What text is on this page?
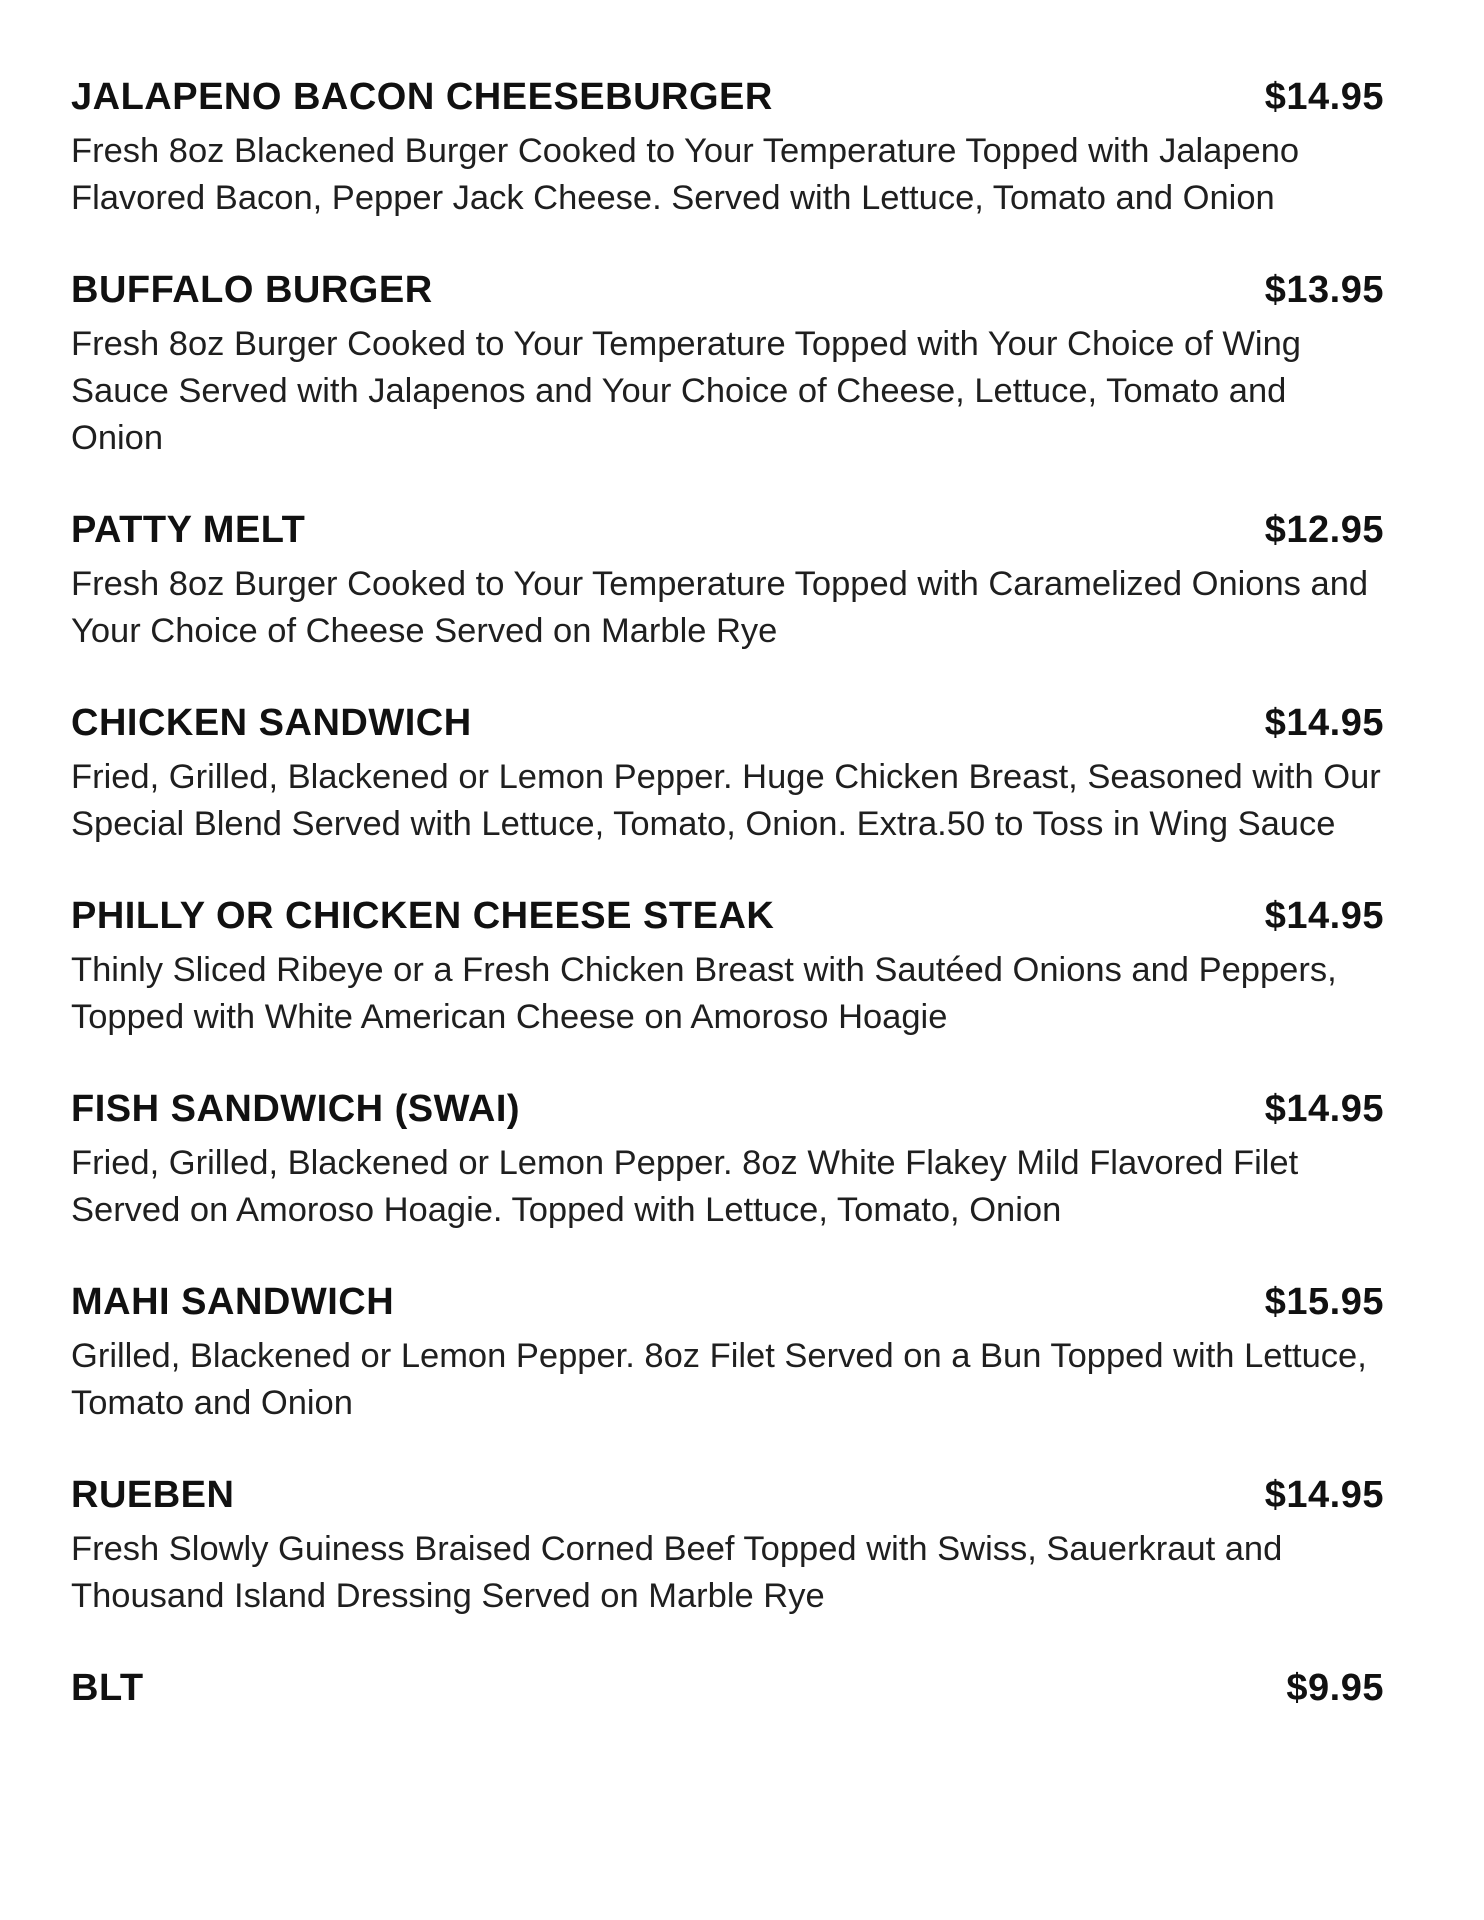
JALAPENO BACON CHEESEBURGER	$14.95
Fresh 8oz Blackened Burger Cooked to Your Temperature Topped with Jalapeno Flavored Bacon, Pepper Jack Cheese. Served with Lettuce, Tomato and Onion
BUFFALO BURGER	$13.95
Fresh 8oz Burger Cooked to Your Temperature Topped with Your Choice of Wing Sauce Served with Jalapenos and Your Choice of Cheese, Lettuce, Tomato and Onion
PATTY MELT	$12.95
Fresh 8oz Burger Cooked to Your Temperature Topped with Caramelized Onions and Your Choice of Cheese Served on Marble Rye
CHICKEN SANDWICH	$14.95
Fried, Grilled, Blackened or Lemon Pepper. Huge Chicken Breast, Seasoned with Our Special Blend Served with Lettuce, Tomato, Onion. Extra.50 to Toss in Wing Sauce
PHILLY OR CHICKEN CHEESE STEAK	$14.95
Thinly Sliced Ribeye or a Fresh Chicken Breast with Sautéed Onions and Peppers, Topped with White American Cheese on Amoroso Hoagie
FISH SANDWICH (SWAI)	$14.95
Fried, Grilled, Blackened or Lemon Pepper. 8oz White Flakey Mild Flavored Filet Served on Amoroso Hoagie. Topped with Lettuce, Tomato, Onion
MAHI SANDWICH	$15.95
Grilled, Blackened or Lemon Pepper. 8oz Filet Served on a Bun Topped with Lettuce, Tomato and Onion
RUEBEN	$14.95
Fresh Slowly Guiness Braised Corned Beef Topped with Swiss, Sauerkraut and Thousand Island Dressing Served on Marble Rye
BLT	$9.95
